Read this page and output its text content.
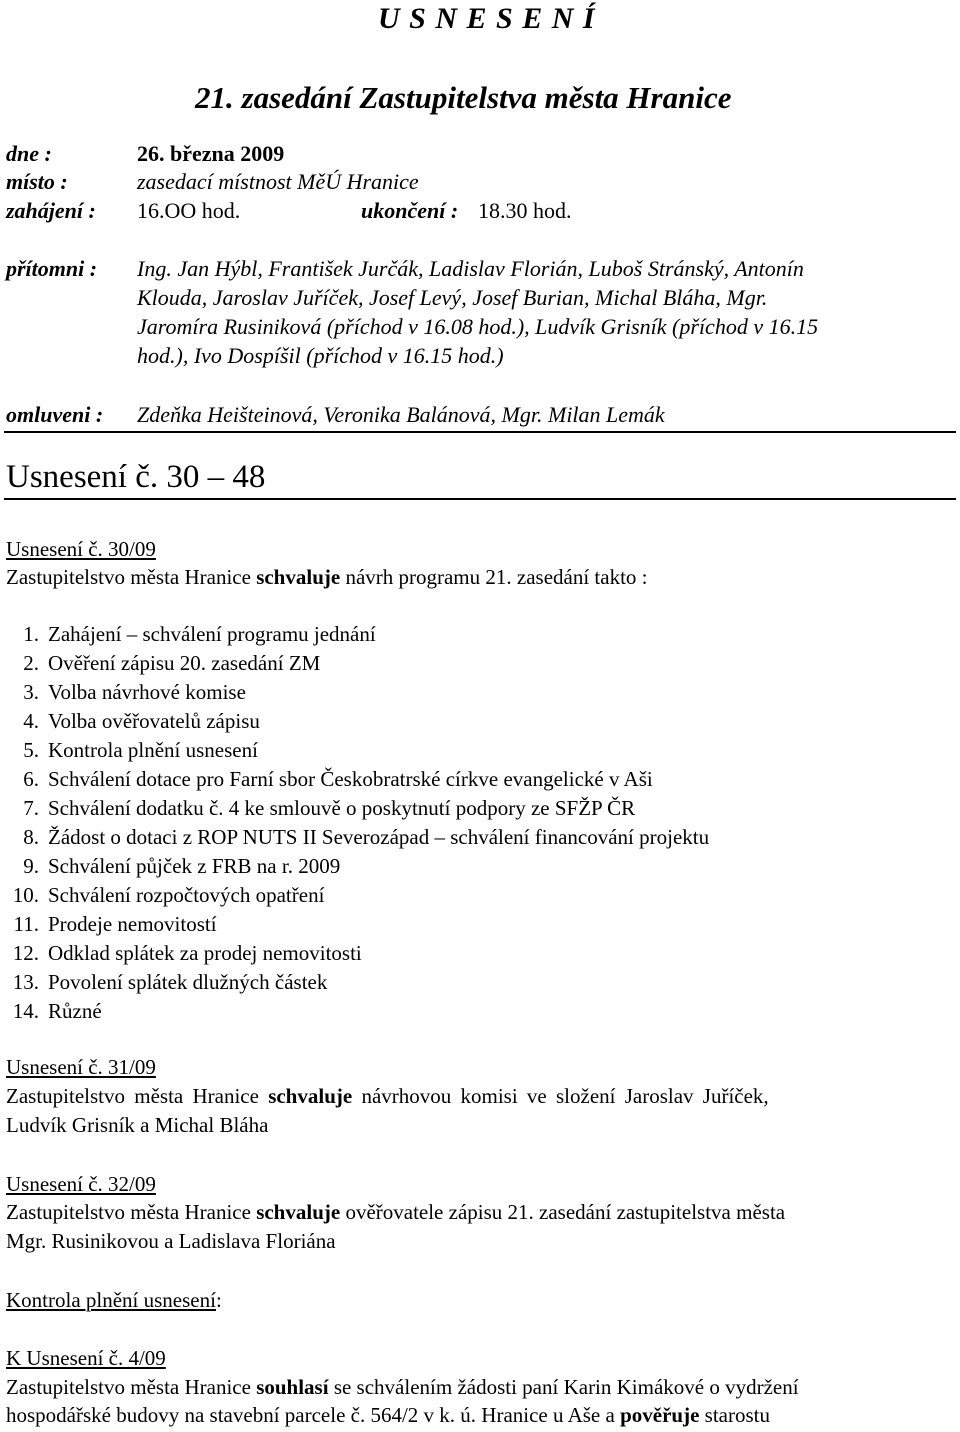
U S N E S E N Í
21. zasedání Zastupitelstva města Hranice
dne :	26. března 2009
místo :	zasedací místnost MěÚ Hranice
zahájení : 16.OO hod.	ukončení : 18.30 hod.
přítomni : Ing. Jan Hýbl, František Jurčák, Ladislav Florián, Luboš Stránský, Antonín
Klouda, Jaroslav Juříček, Josef Levý, Josef Burian, Michal Bláha, Mgr.
Jaromíra Rusiniková (příchod v 16.08 hod.), Ludvík Grisník (příchod v 16.15
hod.), Ivo Dospíšil (příchod v 16.15 hod.)
omluveni : Zdeňka Heišteinová, Veronika Balánová, Mgr. Milan Lemák
Usnesení č. 30 – 48
Usnesení č. 30/09
Zastupitelstvo města Hranice schvaluje návrh programu 21. zasedání takto :
1. Zahájení – schválení programu jednání
2. Ověření zápisu 20. zasedání ZM
3. Volba návrhové komise
4. Volba ověřovatelů zápisu
5. Kontrola plnění usnesení
6. Schválení dotace pro Farní sbor Českobratrské církve evangelické v Aši
7. Schválení dodatku č. 4 ke smlouvě o poskytnutí podpory ze SFŽP ČR
8. Žádost o dotaci z ROP NUTS II Severozápad – schválení financování projektu
9. Schválení půjček z FRB na r. 2009
10. Schválení rozpočtových opatření
11. Prodeje nemovitostí
12. Odklad splátek za prodej nemovitosti
13. Povolení splátek dlužných částek
14. Různé
Usnesení č. 31/09
Zastupitelstvo města Hranice schvaluje návrhovou komisi ve složení Jaroslav Juříček,
Ludvík Grisník a Michal Bláha
Usnesení č. 32/09
Zastupitelstvo města Hranice schvaluje ověřovatele zápisu 21. zasedání zastupitelstva města
Mgr. Rusinikovou a Ladislava Floriána
Kontrola plnění usnesení:
K Usnesení č. 4/09
Zastupitelstvo města Hranice souhlasí se schválením žádosti paní Karin Kimákové o vydržení
hospodářské budovy na stavební parcele č. 564/2 v k. ú. Hranice u Aše a pověřuje starostu
